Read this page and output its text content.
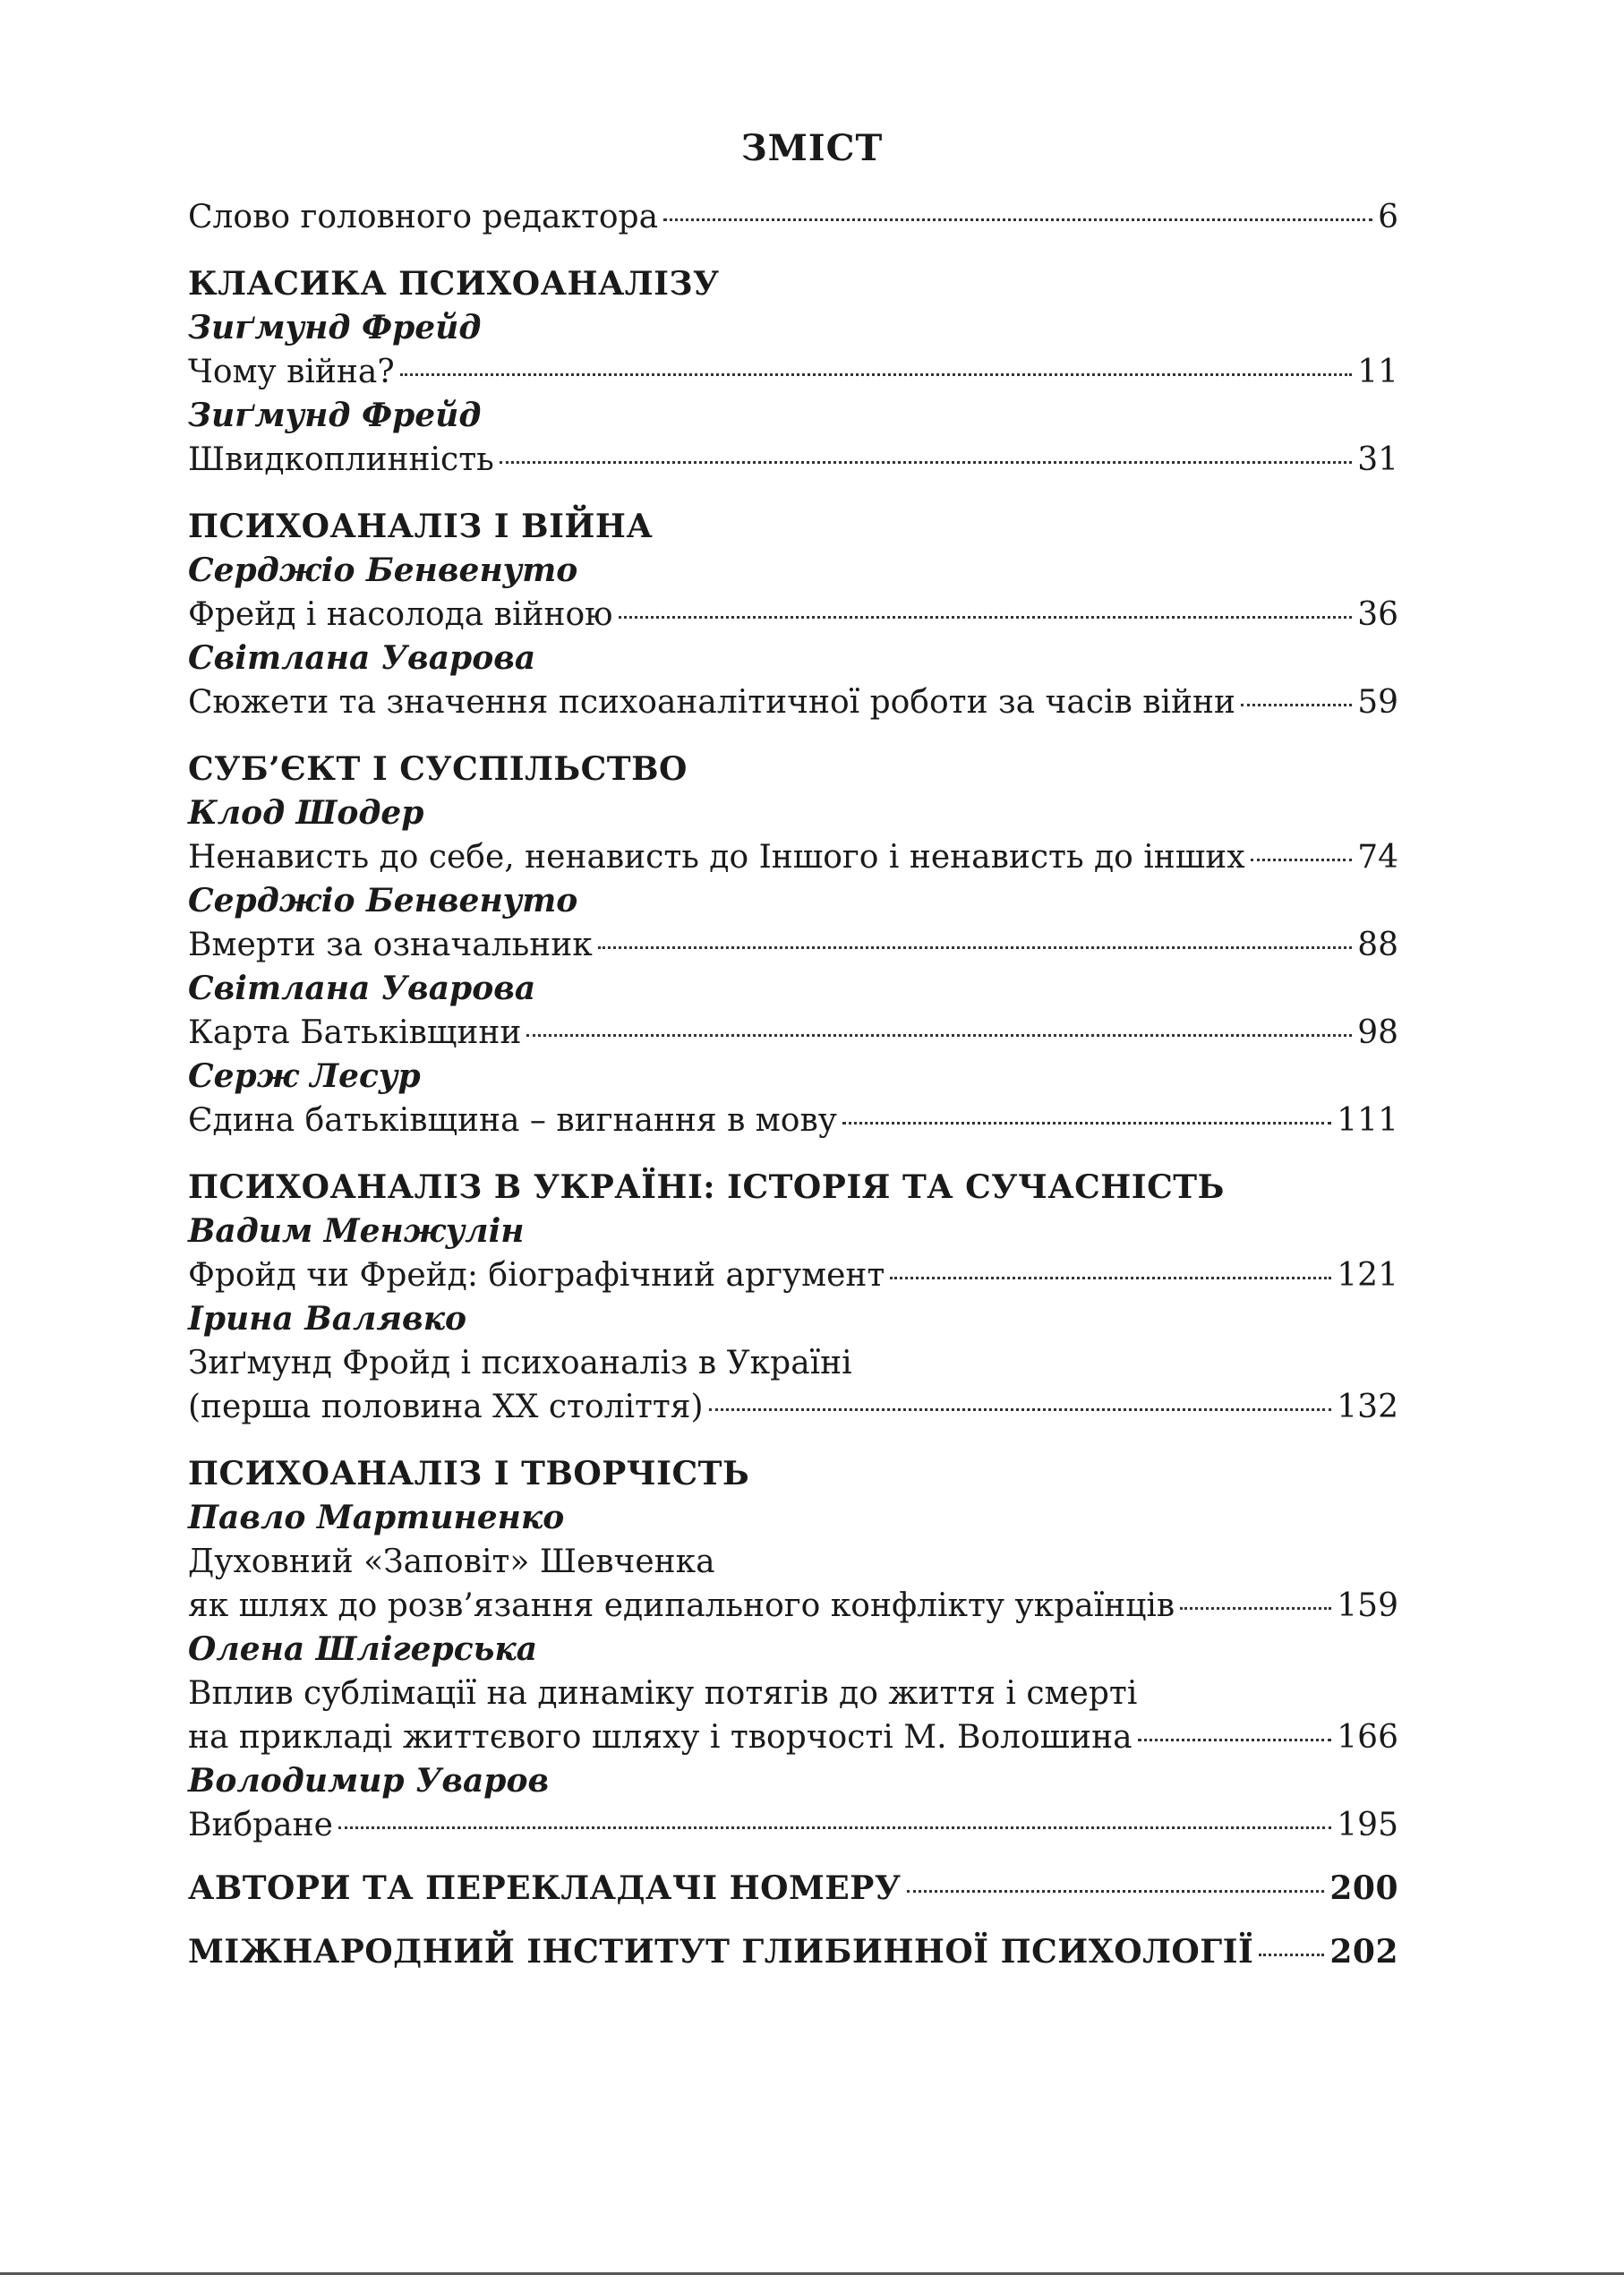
ЗМІСТ
Слово головного редактора	6
КЛАСИКА ПСИХОАНАЛІЗУ
Зиґмунд Фрейд
Чому війна?	11
Зиґмунд Фрейд
Швидкоплинність	31
ПСИХОАНАЛІЗ І ВІЙНА
Серджіо Бенвенуто
Фрейд і насолода війною	36
Світлана Уварова
Сюжети та значення психоаналітичної роботи за часів війни	59
СУБ’ЄКТ І СУСПІЛЬСТВО
Клод Шодер
Ненависть до себе, ненависть до Іншого і ненависть до інших	74
Серджіо Бенвенуто
Вмерти за означальник	88
Світлана Уварова
Карта Батьківщини	98
Серж Лесур
Єдина батьківщина – вигнання в мову	111
ПСИХОАНАЛІЗ В УКРАЇНІ: ІСТОРІЯ ТА СУЧАСНІСТЬ
Вадим Менжулін
Фройд чи Фрейд: біографічний аргумент	121
Ірина Валявко
Зиґмунд Фройд і психоаналіз в Україні
(перша половина ХХ століття)	132
ПСИХОАНАЛІЗ І ТВОРЧІСТЬ
Павло Мартиненко
Духовний «Заповіт» Шевченка
як шлях до розв’язання едипального конфлікту українців	159
Олена Шлігерська
Вплив сублімації на динаміку потягів до життя і смерті
на прикладі життєвого шляху і творчості М. Волошина	166
Володимир Уваров
Вибране	195
АВТОРИ ТА ПЕРЕКЛАДАЧІ НОМЕРУ	200
МІЖНАРОДНИЙ ІНСТИТУТ ГЛИБИННОЇ ПСИХОЛОГІЇ 202
